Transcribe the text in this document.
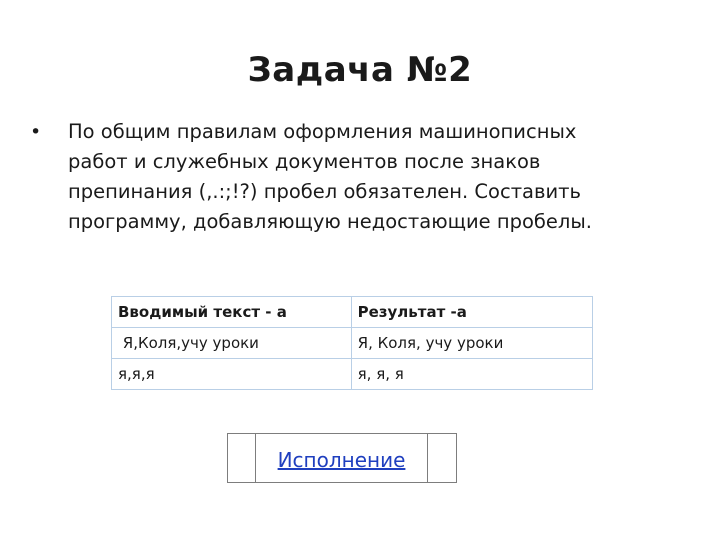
Задача №2
•	По общим правилам оформления машинописных
работ и служебных документов после знаков
препинания (,.:;!?) пробел обязателен. Составить
программу, добавляющую недостающие пробелы.
Вводимый текст - а	Результат -а
Я,Коля,учу уроки	Я, Коля, учу уроки
я,я,я	я, я, я
Исполнение
